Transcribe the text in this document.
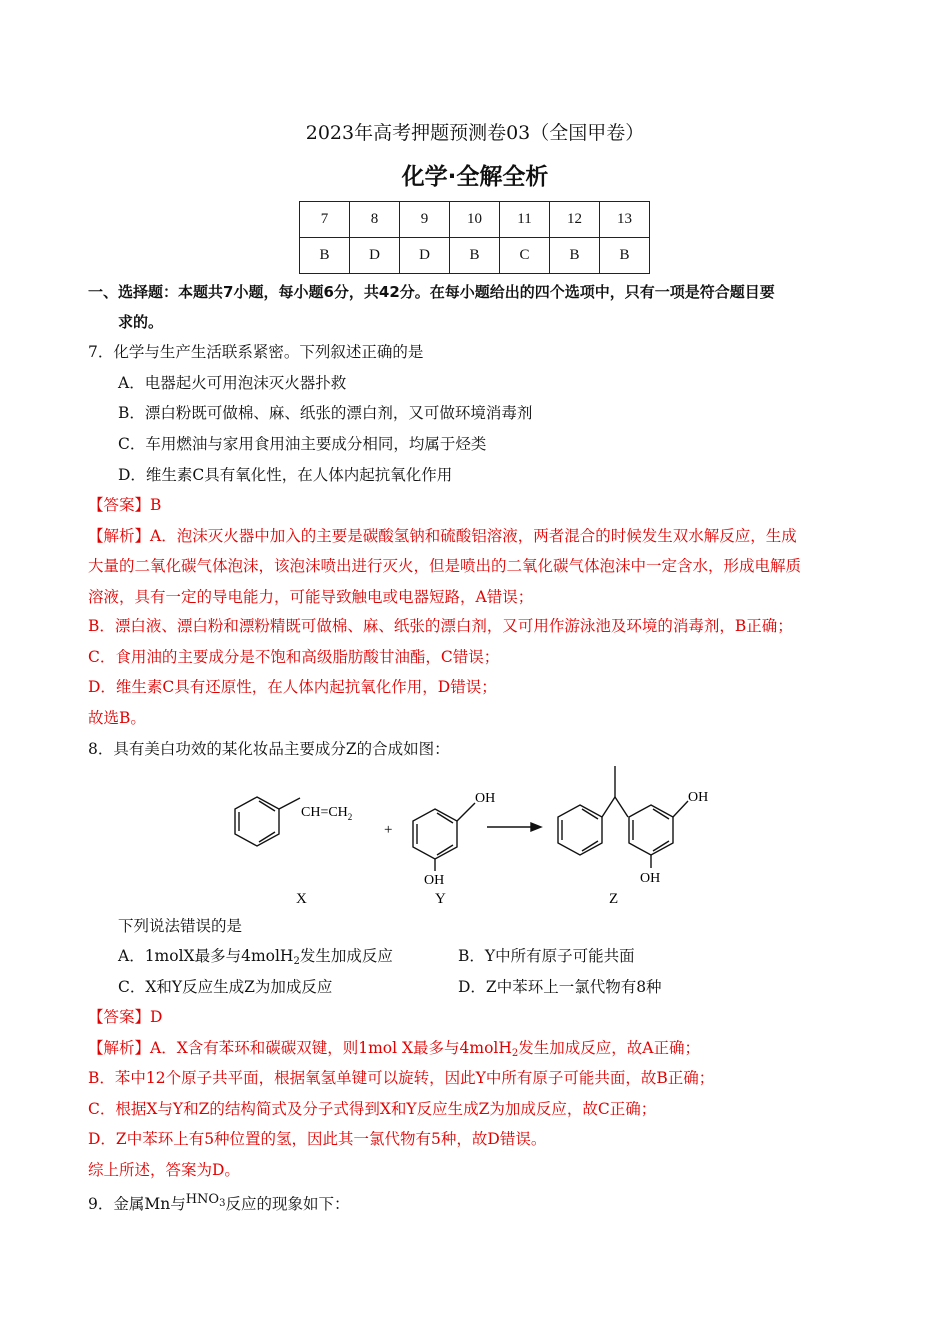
2023年高考押题预测卷03（全国甲卷）
化学·全解全析
7	8	9	10	11	12	13
B	D	D	B	C	B	B
一、选择题：本题共7小题，每小题6分，共42分。在每小题给出的四个选项中，只有一项是符合题目要
求的。
7．化学与生产生活联系紧密。下列叙述正确的是
A．电器起火可用泡沫灭火器扑救
B．漂白粉既可做棉、麻、纸张的漂白剂，又可做环境消毒剂
C．车用燃油与家用食用油主要成分相同，均属于烃类
D．维生素C具有氧化性，在人体内起抗氧化作用
【答案】B
【解析】A．泡沫灭火器中加入的主要是碳酸氢钠和硫酸铝溶液，两者混合的时候发生双水解反应，生成
大量的二氧化碳气体泡沫，该泡沫喷出进行灭火，但是喷出的二氧化碳气体泡沫中一定含水，形成电解质
溶液，具有一定的导电能力，可能导致触电或电器短路，A错误；
B．漂白液、漂白粉和漂粉精既可做棉、麻、纸张的漂白剂，又可用作游泳池及环境的消毒剂，B正确；
C．食用油的主要成分是不饱和高级脂肪酸甘油酯，C错误；
D．维生素C具有还原性，在人体内起抗氧化作用，D错误；
故选B。
8．具有美白功效的某化妆品主要成分Z的合成如图：
$CH=CH_2$
+
OH
OH
OH
OH
X	Y	Z
下列说法错误的是
A．1molX最多与4molH$_2$发生加成反应	B．Y中所有原子可能共面
C．X和Y反应生成Z为加成反应	D．Z中苯环上一氯代物有8种
【答案】D
【解析】A．X含有苯环和碳碳双键，则1mol X最多与4molH$_2$发生加成反应，故A正确；
B．苯中12个原子共平面，根据氧氢单键可以旋转，因此Y中所有原子可能共面，故B正确；
C．根据X与Y和Z的结构简式及分子式得到X和Y反应生成Z为加成反应，故C正确；
D．Z中苯环上有5种位置的氢，因此其一氯代物有5种，故D错误。
综上所述，答案为D。
9．金属Mn与$^{HNO_3}$反应的现象如下：
